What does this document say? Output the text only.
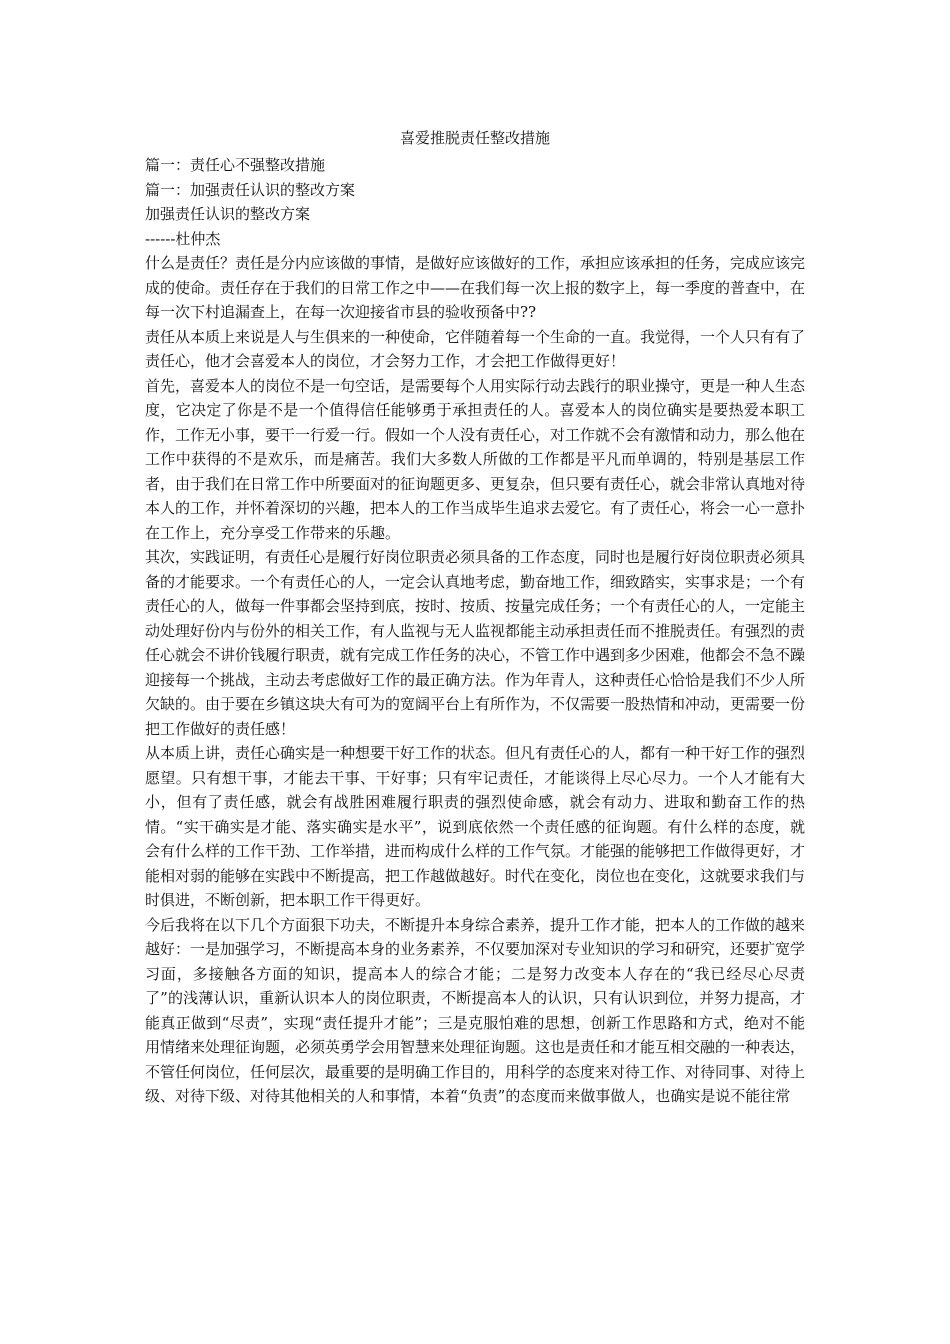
喜爱推脱责任整改措施
篇一：责任心不强整改措施
篇一：加强责任认识的整改方案
加强责任认识的整改方案
------杜仲杰

什么是责任？责任是分内应该做的事情，是做好应该做好的工作，承担应该承担的任务，完成应该完成的使命。责任存在于我们的日常工作之中——在我们每一次上报的数字上，每一季度的普查中，在每一次下村追漏查上，在每一次迎接省市县的验收预备中??

责任从本质上来说是人与生俱来的一种使命，它伴随着每一个生命的一直。我觉得，一个人只有有了责任心，他才会喜爱本人的岗位，才会努力工作，才会把工作做得更好！

首先，喜爱本人的岗位不是一句空话，是需要每个人用实际行动去践行的职业操守，更是一种人生态度，它决定了你是不是一个值得信任能够勇于承担责任的人。喜爱本人的岗位确实是要热爱本职工作，工作无小事，要干一行爱一行。假如一个人没有责任心，对工作就不会有激情和动力，那么他在工作中获得的不是欢乐，而是痛苦。我们大多数人所做的工作都是平凡而单调的，特别是基层工作者，由于我们在日常工作中所要面对的征询题更多、更复杂，但只要有责任心，就会非常认真地对待本人的工作，并怀着深切的兴趣，把本人的工作当成毕生追求去爱它。有了责任心，将会一心一意扑在工作上，充分享受工作带来的乐趣。

其次，实践证明，有责任心是履行好岗位职责必须具备的工作态度，同时也是履行好岗位职责必须具备的才能要求。一个有责任心的人，一定会认真地考虑，勤奋地工作，细致踏实，实事求是；一个有责任心的人，做每一件事都会坚持到底，按时、按质、按量完成任务；一个有责任心的人，一定能主动处理好份内与份外的相关工作，有人监视与无人监视都能主动承担责任而不推脱责任。有强烈的责任心就会不讲价钱履行职责，就有完成工作任务的决心，不管工作中遇到多少困难，他都会不急不躁迎接每一个挑战，主动去考虑做好工作的最正确方法。作为年青人，这种责任心恰恰是我们不少人所欠缺的。由于要在乡镇这块大有可为的宽阔平台上有所作为，不仅需要一股热情和冲动，更需要一份把工作做好的责任感！

从本质上讲，责任心确实是一种想要干好工作的状态。但凡有责任心的人，都有一种干好工作的强烈愿望。只有想干事，才能去干事、干好事；只有牢记责任，才能谈得上尽心尽力。一个人才能有大小，但有了责任感，就会有战胜困难履行职责的强烈使命感，就会有动力、进取和勤奋工作的热情。“实干确实是才能、落实确实是水平”，说到底依然一个责任感的征询题。有什么样的态度，就会有什么样的工作干劲、工作举措，进而构成什么样的工作气氛。才能强的能够把工作做得更好，才能相对弱的能够在实践中不断提高，把工作越做越好。时代在变化，岗位也在变化，这就要求我们与时俱进，不断创新，把本职工作干得更好。

今后我将在以下几个方面狠下功夫，不断提升本身综合素养，提升工作才能，把本人的工作做的越来越好：一是加强学习，不断提高本身的业务素养，不仅要加深对专业知识的学习和研究，还要扩宽学习面，多接触各方面的知识，提高本人的综合才能；二是努力改变本人存在的“我已经尽心尽责了”的浅薄认识，重新认识本人的岗位职责，不断提高本人的认识，只有认识到位，并努力提高，才能真正做到“尽责”，实现“责任提升才能”；三是克服怕难的思想，创新工作思路和方式，绝对不能用情绪来处理征询题，必须英勇学会用智慧来处理征询题。这也是责任和才能互相交融的一种表达，不管任何岗位，任何层次，最重要的是明确工作目的，用科学的态度来对待工作、对待同事、对待上级、对待下级、对待其他相关的人和事情，本着“负责”的态度而来做事做人，也确实是说不能往常
